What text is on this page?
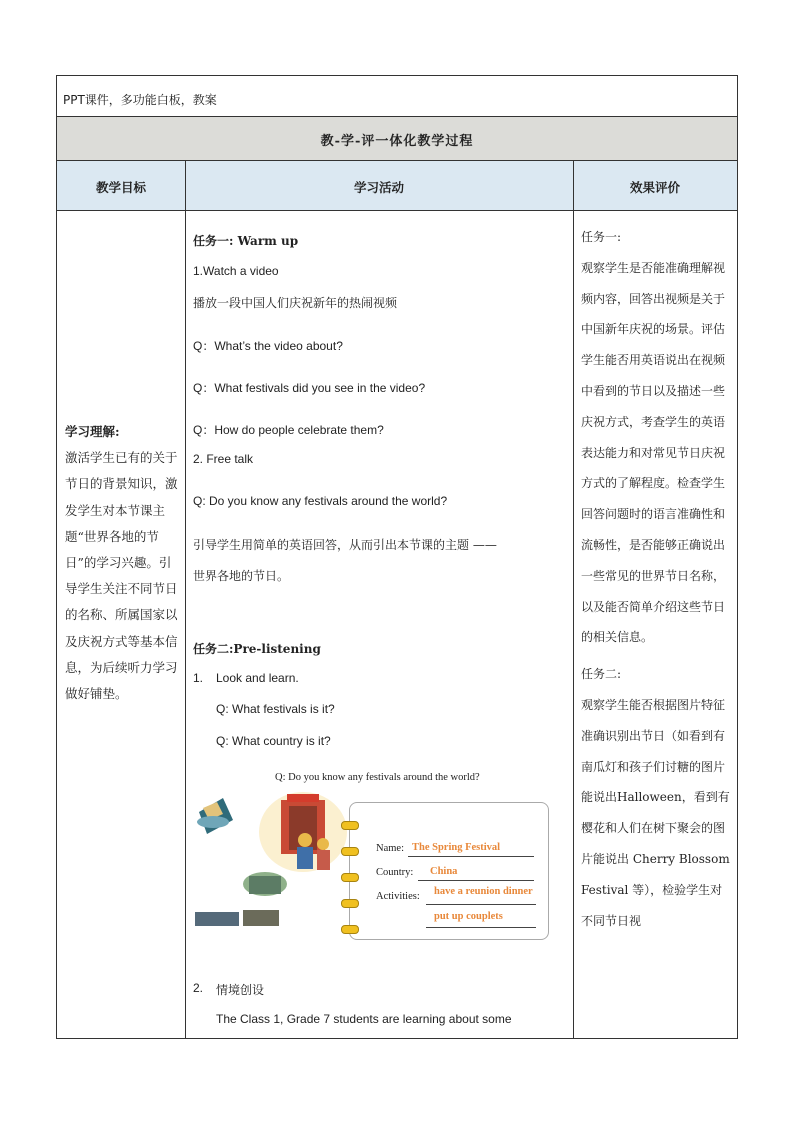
PPT课件，多功能白板，教案
教-学-评一体化教学过程
教学目标	学习活动	效果评价
学习理解:
激活学生已有的关于节日的背景知识，激发学生对本节课主题“世界各地的节日”的学习兴趣。引导学生关注不同节日的名称、所属国家以及庆祝方式等基本信息，为后续听力学习做好铺垫。
任务一: Warm up
1.Watch a video
播放一段中国人们庆祝新年的热闹视频
Q：What’s the video about?
Q：What festivals did you see in the video?
Q：How do people celebrate them?
2. Free talk
Q: Do you know any festivals around the world?
引导学生用简单的英语回答，从而引出本节课的主题 ——
世界各地的节日。
任务二:Pre-listening
1. Look and learn.
Q: What festivals is it?
Q: What country is it?
2. 情境创设
The Class 1, Grade 7 students are learning about some
Q: Do you know any festivals around the world?
Name: The Spring Festival
Country: China
Activities: have a reunion dinner
put up couplets

任务一:

观察学生是否能准确理解视频内容，回答出视频是关于中国新年庆祝的场景。评估学生能否用英语说出在视频中看到的节日以及描述一些庆祝方式，考查学生的英语表达能力和对常见节日庆祝方式的了解程度。检查学生回答问题时的语言准确性和流畅性，是否能够正确说出一些常见的世界节日名称，以及能否简单介绍这些节日的相关信息。

任务二:

观察学生能否根据图片特征准确识别出节日（如看到有南瓜灯和孩子们讨糖的图片能说出Halloween，看到有樱花和人们在树下聚会的图片能说出 Cherry Blossom Festival 等），检验学生对不同节日视
